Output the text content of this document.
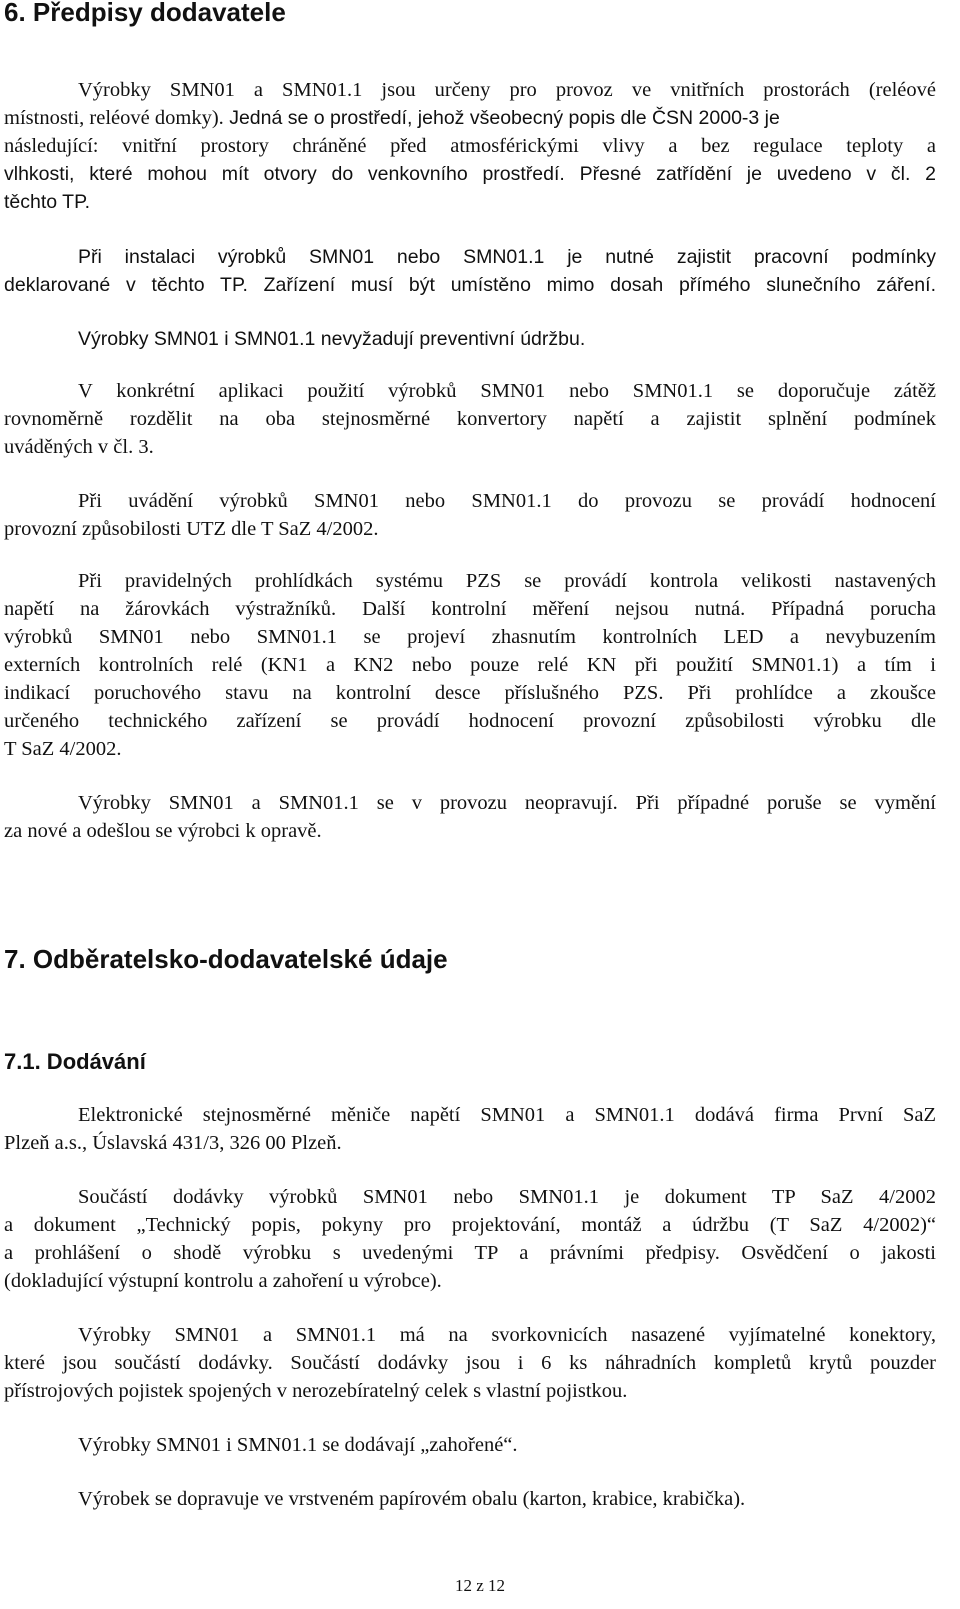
6. Předpisy dodavatele
Výrobky SMN01 a SMN01.1 jsou určeny pro provoz ve vnitřních prostorách (reléové
místnosti, reléové domky). Jedná se o prostředí, jehož všeobecný popis dle ČSN 2000-3 je
následující: vnitřní prostory chráněné před atmosférickými vlivy a bez regulace teploty a
vlhkosti, které mohou mít otvory do venkovního prostředí. Přesné zatřídění je uvedeno v čl. 2
těchto TP.
Při instalaci výrobků SMN01 nebo SMN01.1 je nutné zajistit pracovní podmínky
deklarované v těchto TP. Zařízení musí být umístěno mimo dosah přímého slunečního záření.
Výrobky SMN01 i SMN01.1 nevyžadují preventivní údržbu.
V konkrétní aplikaci použití výrobků SMN01 nebo SMN01.1 se doporučuje zátěž
rovnoměrně rozdělit na oba stejnosměrné konvertory napětí a zajistit splnění podmínek
uváděných v čl. 3.
Při uvádění výrobků SMN01 nebo SMN01.1 do provozu se provádí hodnocení
provozní způsobilosti UTZ dle T SaZ 4/2002.
Při pravidelných prohlídkách systému PZS se provádí kontrola velikosti nastavených
napětí na žárovkách výstražníků. Další kontrolní měření nejsou nutná. Případná porucha
výrobků SMN01 nebo SMN01.1 se projeví zhasnutím kontrolních LED a nevybuzením
externích kontrolních relé (KN1 a KN2 nebo pouze relé KN při použití SMN01.1) a tím i
indikací poruchového stavu na kontrolní desce příslušného PZS. Při prohlídce a zkoušce
určeného technického zařízení se provádí hodnocení provozní způsobilosti výrobku dle
T SaZ 4/2002.
Výrobky SMN01 a SMN01.1 se v provozu neopravují. Při případné poruše se vymění
za nové a odešlou se výrobci k opravě.
7. Odběratelsko-dodavatelské údaje
7.1. Dodávání
Elektronické stejnosměrné měniče napětí SMN01 a SMN01.1 dodává firma První SaZ
Plzeň a.s., Úslavská 431/3, 326 00 Plzeň.
Součástí dodávky výrobků SMN01 nebo SMN01.1 je dokument TP SaZ 4/2002
a dokument „Technický popis, pokyny pro projektování, montáž a údržbu (T SaZ 4/2002)“
a prohlášení o shodě výrobku s uvedenými TP a právními předpisy. Osvědčení o jakosti
(dokladující výstupní kontrolu a zahoření u výrobce).
Výrobky SMN01 a SMN01.1 má na svorkovnicích nasazené vyjímatelné konektory,
které jsou součástí dodávky. Součástí dodávky jsou i 6 ks náhradních kompletů krytů pouzder
přístrojových pojistek spojených v nerozebíratelný celek s vlastní pojistkou.
Výrobky SMN01 i SMN01.1 se dodávají „zahořené“.
Výrobek se dopravuje ve vrstveném papírovém obalu (karton, krabice, krabička).
12 z 12
